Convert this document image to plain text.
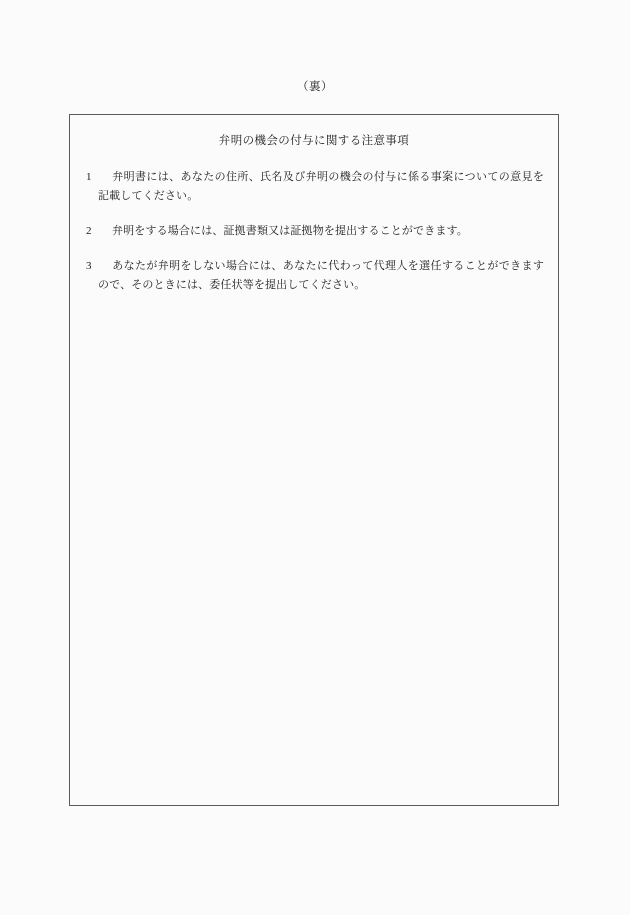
（裏）
弁明の機会の付与に関する注意事項
1	弁明書には、あなたの住所、氏名及び弁明の機会の付与に係る事案についての意見を記載してください。
2	弁明をする場合には、証拠書類又は証拠物を提出することができます。
3	あなたが弁明をしない場合には、あなたに代わって代理人を選任することができますので、そのときには、委任状等を提出してください。
